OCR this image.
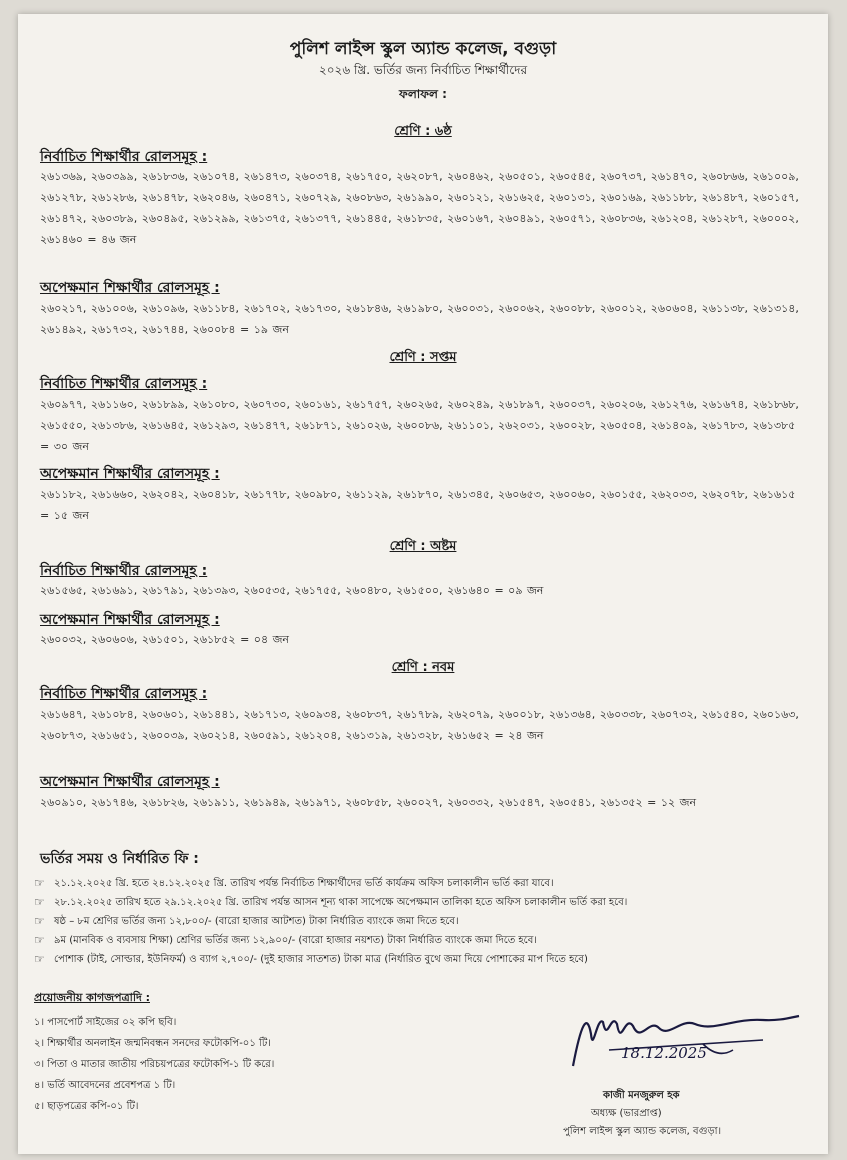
পুলিশ লাইন্স স্কুল অ্যান্ড কলেজ, বগুড়া
২০২৬ খ্রি. ভর্তির জন্য নির্বাচিত শিক্ষার্থীদের
ফলাফল :
শ্রেণি : ৬ষ্ঠ
নির্বাচিত শিক্ষার্থীর রোলসমূহ :

২৬১৩৬৯, ২৬০৩৯৯, ২৬১৮৩৬, ২৬১০৭৪, ২৬১৪৭৩, ২৬০৩৭৪, ২৬১৭৫০, ২৬২০৮৭, ২৬০৪৬২, ২৬০৫০১, ২৬০৫৪৫, ২৬০৭৩৭, ২৬১৪৭০, ২৬০৮৬৬, ২৬১০০৯, ২৬১২৭৮, ২৬১২৮৬, ২৬১৪৭৮, ২৬২০৪৬, ২৬০৪৭১, ২৬০৭২৯, ২৬০৮৬৩, ২৬১৯৯০, ২৬০১২১, ২৬১৬২৫, ২৬০১৩১, ২৬০১৬৯, ২৬১১৮৮, ২৬১৪৮৭, ২৬০১৫৭, ২৬১৪৭২, ২৬০৩৮৯, ২৬০৪৯৫, ২৬১২৯৯, ২৬১৩৭৫, ২৬১৩৭৭, ২৬১৪৪৫, ২৬১৮৩৫, ২৬০১৬৭, ২৬০৪৯১, ২৬০৫৭১, ২৬০৮৩৬, ২৬১২০৪, ২৬১২৮৭, ২৬০০০২, ২৬১৪৬০ = ৪৬ জন

অপেক্ষমান শিক্ষার্থীর রোলসমূহ :

২৬০২১৭, ২৬১০০৬, ২৬১০৯৬, ২৬১১৮৪, ২৬১৭০২, ২৬১৭৩০, ২৬১৮৪৬, ২৬১৯৮০, ২৬০০৩১, ২৬০০৬২, ২৬০০৮৮, ২৬০০১২, ২৬০৬০৪, ২৬১১৩৮, ২৬১৩১৪, ২৬১৪৯২, ২৬১৭৩২, ২৬১৭৪৪, ২৬০০৮৪ = ১৯ জন

শ্রেণি : সপ্তম
নির্বাচিত শিক্ষার্থীর রোলসমূহ :

২৬০৯৭৭, ২৬১১৬০, ২৬১৮৯৯, ২৬১০৮০, ২৬০৭৩০, ২৬০১৬১, ২৬১৭৫৭, ২৬০২৬৫, ২৬০২৪৯, ২৬১৮৯৭, ২৬০০৩৭, ২৬০২০৬, ২৬১২৭৬, ২৬১৬৭৪, ২৬১৮৬৮, ২৬১৫৫০, ২৬১৩৮৬, ২৬১৬৪৫, ২৬১২৯৩, ২৬১৪৭৭, ২৬১৮৭১, ২৬১০২৬, ২৬০০৮৬, ২৬১১০১, ২৬২০৩১, ২৬০০২৮, ২৬০৫০৪, ২৬১৪০৯, ২৬১৭৮৩, ২৬১৩৮৫ = ৩০ জন

অপেক্ষমান শিক্ষার্থীর রোলসমূহ :

২৬১১৮২, ২৬১৬৬০, ২৬২০৪২, ২৬০৪১৮, ২৬১৭৭৮, ২৬০৯৮০, ২৬১১২৯, ২৬১৮৭০, ২৬১৩৪৫, ২৬০৬৫৩, ২৬০০৬০, ২৬০১৫৫, ২৬২০৩৩, ২৬২০৭৮, ২৬১৬১৫ = ১৫ জন

শ্রেণি : অষ্টম
নির্বাচিত শিক্ষার্থীর রোলসমূহ :

২৬১৫৬৫, ২৬১৬৯১, ২৬১৭৯১, ২৬১৩৯৩, ২৬০৫৩৫, ২৬১৭৫৫, ২৬০৪৮০, ২৬১৫০০, ২৬১৬৪০ = ০৯ জন

অপেক্ষমান শিক্ষার্থীর রোলসমূহ :

২৬০০৩২, ২৬০৬০৬, ২৬১৫০১, ২৬১৮৫২ = ০৪ জন

শ্রেণি : নবম
নির্বাচিত শিক্ষার্থীর রোলসমূহ :

২৬১৬৪৭, ২৬১০৮৪, ২৬০৬০১, ২৬১৪৪১, ২৬১৭১৩, ২৬০৯৩৪, ২৬০৮৩৭, ২৬১৭৮৯, ২৬২০৭৯, ২৬০০১৮, ২৬১৩৬৪, ২৬০৩৩৮, ২৬০৭৩২, ২৬১৫৪০, ২৬০১৬৩, ২৬০৮৭৩, ২৬১৬৫১, ২৬০০৩৯, ২৬০২১৪, ২৬০৫৯১, ২৬১২০৪, ২৬১৩১৯, ২৬১৩২৮, ২৬১৬৫২ = ২৪ জন

অপেক্ষমান শিক্ষার্থীর রোলসমূহ :

২৬০৯১০, ২৬১৭৪৬, ২৬১৮২৬, ২৬১৯১১, ২৬১৯৪৯, ২৬১৯৭১, ২৬০৮৫৮, ২৬০০২৭, ২৬০৩৩২, ২৬১৫৪৭, ২৬০৫৪১, ২৬১৩৫২ = ১২ জন

ভর্তির সময় ও নির্ধারিত ফি :
☞ ২১.১২.২০২৫ খ্রি. হতে ২৪.১২.২০২৫ খ্রি. তারিখ পর্যন্ত নির্বাচিত শিক্ষার্থীদের ভর্তি কার্যক্রম অফিস চলাকালীন ভর্তি করা যাবে।
☞ ২৮.১২.২০২৫ তারিখ হতে ২৯.১২.২০২৫ খ্রি. তারিখ পর্যন্ত আসন শূন্য থাকা সাপেক্ষে অপেক্ষমান তালিকা হতে অফিস চলাকালীন ভর্তি করা হবে।
☞ ষষ্ঠ – ৮ম শ্রেণির ভর্তির জন্য ১২,৮০০/- (বারো হাজার আটশত) টাকা নির্ধারিত ব্যাংকে জমা দিতে হবে।
☞ ৯ম (মানবিক ও ব্যবসায় শিক্ষা) শ্রেণির ভর্তির জন্য ১২,৯০০/- (বারো হাজার নয়শত) টাকা নির্ধারিত ব্যাংকে জমা দিতে হবে।
☞ পোশাক (টাই, সোল্ডার, ইউনিফর্ম) ও ব্যাগ ২,৭০০/- (দুই হাজার সাতশত) টাকা মাত্র (নির্ধারিত বুথে জমা দিয়ে পোশাকের মাপ দিতে হবে)
প্রয়োজনীয় কাগজপত্রাদি :
১। পাসপোর্ট সাইজের ০২ কপি ছবি।
২। শিক্ষার্থীর অনলাইন জন্মনিবন্ধন সনদের ফটোকপি-০১ টি।
৩। পিতা ও মাতার জাতীয় পরিচয়পত্রের ফটোকপি-১ টি করে।
৪। ভর্তি আবেদনের প্রবেশপত্র ১ টি।
৫। ছাড়পত্রের কপি-০১ টি।
18.12.2025
কাজী মনজুরুল হক
অধ্যক্ষ (ভারপ্রাপ্ত)
পুলিশ লাইন্স স্কুল অ্যান্ড কলেজ, বগুড়া।
